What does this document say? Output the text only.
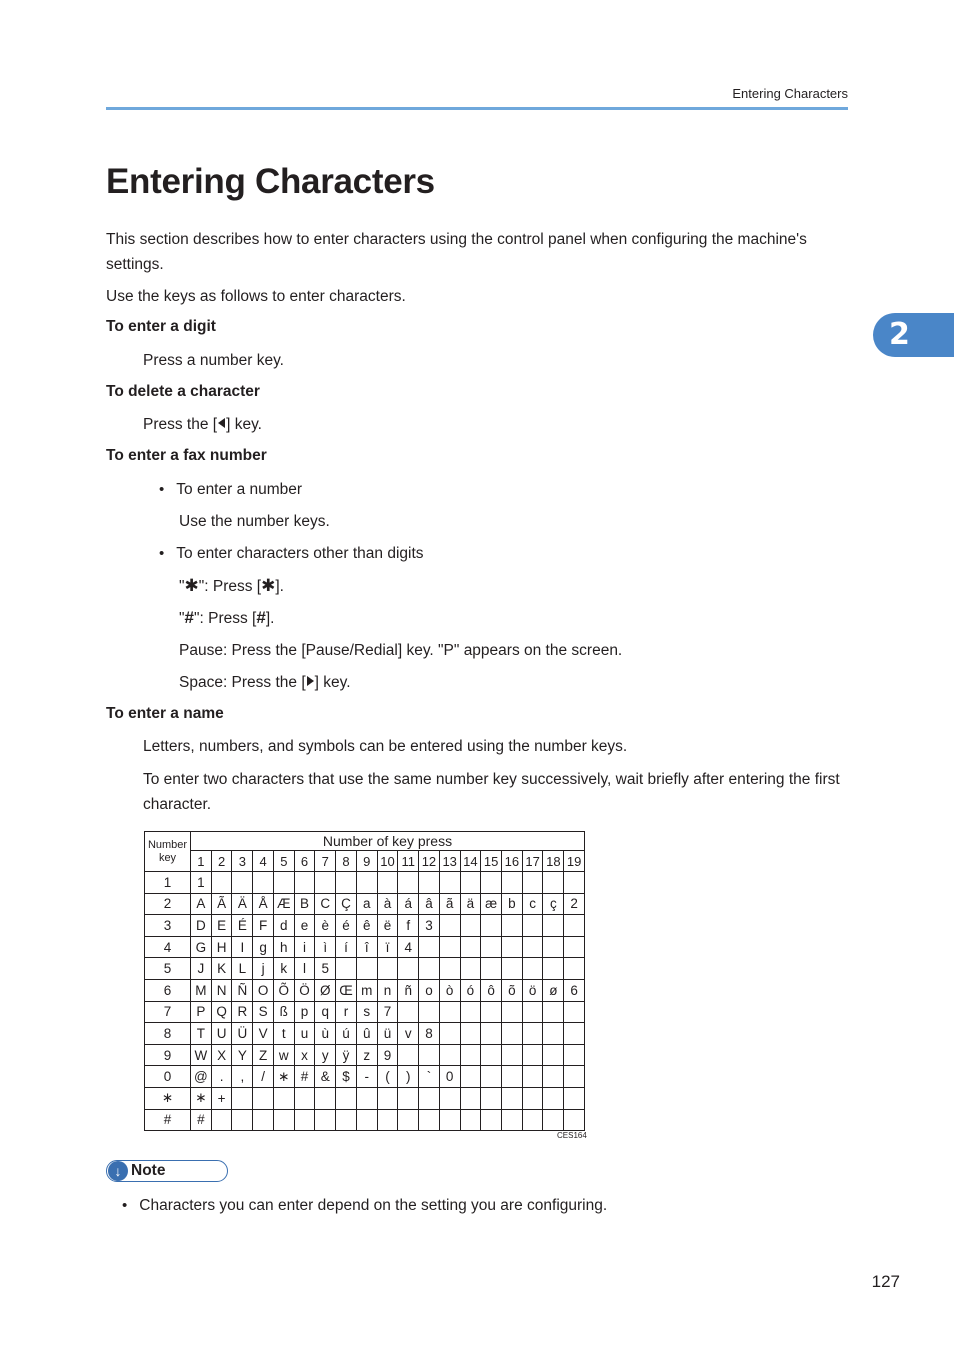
Entering Characters
2
Entering Characters

This section describes how to enter characters using the control panel when configuring the machine's settings.

Use the keys as follows to enter characters.

To enter a digit

Press a number key.

To delete a character

Press the [ ] key.

To enter a fax number

• To enter a number

Use the number keys.

• To enter characters other than digits

"✱": Press [✱].

"#": Press [#].

Pause: Press the [Pause/Redial] key. "P" appears on the screen.

Space: Press the [ ] key.

To enter a name

Letters, numbers, and symbols can be entered using the number keys.

To enter two characters that use the same number key successively, wait briefly after entering the first character.

Number
key	Number of key press																		
	1	2	3	4	5	6	7	8	9	10	11	12	13	14	15	16	17	18	19
1	1																		
2	A	Ã	Ä	Å	Æ	B	C	Ç	a	à	á	â	ã	ä	æ	b	c	ç	2
3	D	E	É	F	d	e	è	é	ê	ë	f	3							
4	G	H	I	g	h	i	ì	í	î	ï	4								
5	J	K	L	j	k	l	5												
6	M	N	Ñ	O	Õ	Ö	Ø	Œ	m	n	ñ	o	ò	ó	ô	õ	ö	ø	6
7	P	Q	R	S	ß	p	q	r	s	7									
8	T	U	Ü	V	t	u	ù	ú	û	ü	v	8							
9	W	X	Y	Z	w	x	y	ÿ	z	9									
0	@	.	,	/	∗	#	&	$	-	(	)	`	0						
∗	∗	+																	
#	#																		
CES164
↓ Note

• Characters you can enter depend on the setting you are configuring.

127
